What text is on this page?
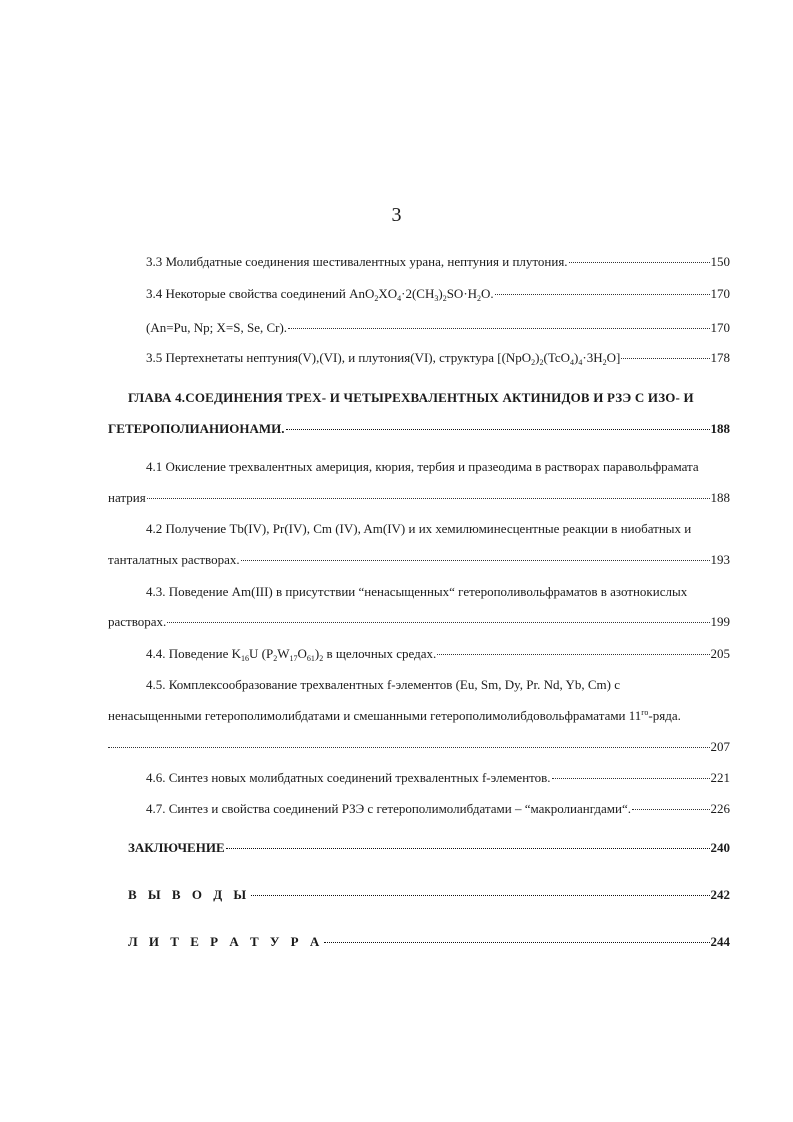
3
3.3 Молибдатные соединения шестивалентных урана, нептуния и плутония.	150
3.4 Некоторые свойства соединений $AnO_2XO_4\cdot 2(CH_3)_2SO\cdot H_2O$.	170
(An=Pu, Np; X=S, Se, Cr).	170
3.5 Пертехнетаты нептуния(V),(VI), и плутония(VI), структура $[(NpO_2)_2(TcO_4)_4\cdot 3H_2O]$	178
ГЛАВА 4.СОЕДИНЕНИЯ ТРЕХ- И ЧЕТЫРЕХВАЛЕНТНЫХ АКТИНИДОВ И РЗЭ С ИЗО- И
ГЕТЕРОПОЛИАНИОНАМИ.	188
4.1 Окисление трехвалентных америция, кюрия, тербия и празеодима в растворах паравольфрамата
натрия	188
4.2 Получение Tb(IV), Pr(IV), Cm (IV), Am(IV) и их хемилюминесцентные реакции в ниобатных и
танталатных растворах.	193
4.3. Поведение Am(III) в присутствии “ненасыщенных“ гетерополивольфраматов в азотнокислых
растворах.	199
4.4. Поведение $K_{16}U$ $(P_2W_{17}O_{61})_2$ в щелочных средах.	205
4.5. Комплексообразование трехвалентных f-элементов (Eu, Sm, Dy, Pr. Nd, Yb, Cm) с
ненасыщенными гетерополимолибдатами и смешанными гетерополимолибдовольфраматами $11^{го}$-ряда.
207
4.6. Синтез новых молибдатных соединений трехвалентных f-элементов.	221
4.7. Синтез и свойства соединений РЗЭ с гетерополимолибдатами – “макролиангдами“.	226
ЗАКЛЮЧЕНИЕ	240
В Ы В О Д Ы	242
Л И Т Е Р А Т У Р А	244
